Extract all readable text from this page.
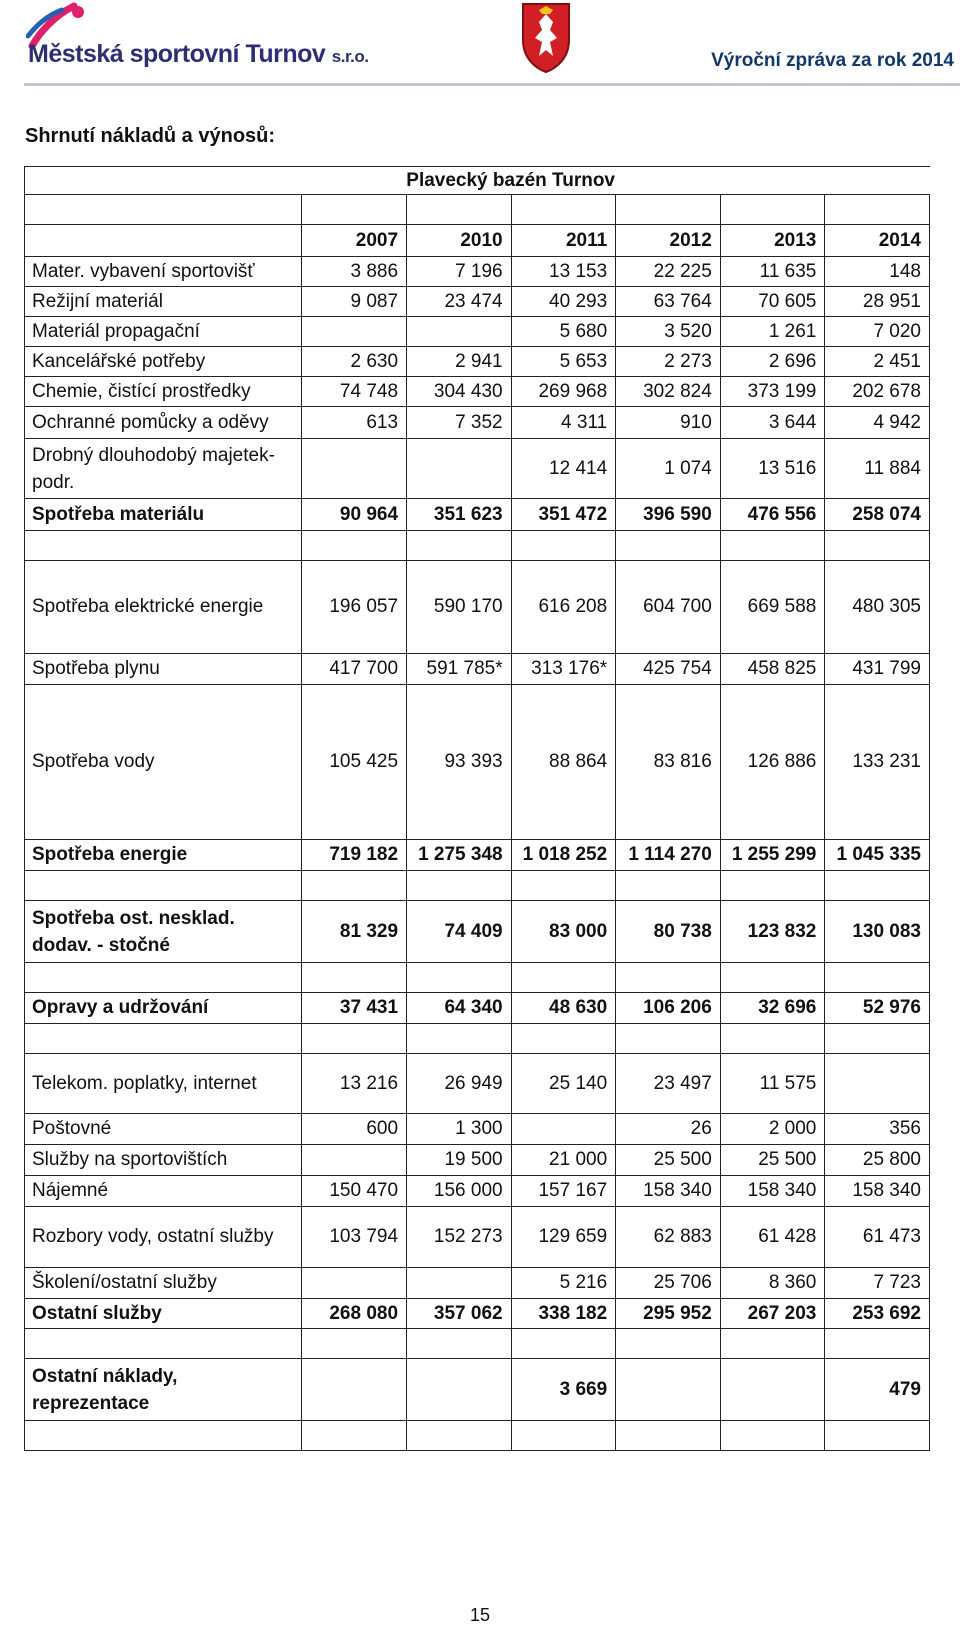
Městská sportovní Turnov s.r.o.	Výroční zpráva za rok 2014
Shrnutí nákladů a výnosů:
	Plavecký bazén Turnov					

	2007	2010	2011	2012	2013	2014
Mater. vybavení sportovišť	3 886	7 196	13 153	22 225	11 635	148
Režijní materiál	9 087	23 474	40 293	63 764	70 605	28 951
Materiál propagační			5 680	3 520	1 261	7 020
Kancelářské potřeby	2 630	2 941	5 653	2 273	2 696	2 451
Chemie, čistící prostředky	74 748	304 430	269 968	302 824	373 199	202 678
Ochranné pomůcky a oděvy	613	7 352	4 311	910	3 644	4 942
Drobný dlouhodobý majetek-podr.			12 414	1 074	13 516	11 884
Spotřeba materiálu	90 964	351 623	351 472	396 590	476 556	258 074

Spotřeba elektrické energie	196 057	590 170	616 208	604 700	669 588	480 305
Spotřeba plynu	417 700	591 785*	313 176*	425 754	458 825	431 799
Spotřeba vody	105 425	93 393	88 864	83 816	126 886	133 231
Spotřeba energie	719 182	1 275 348	1 018 252	1 114 270	1 255 299	1 045 335

Spotřeba ost. nesklad. dodav. - stočné	81 329	74 409	83 000	80 738	123 832	130 083

Opravy a udržování	37 431	64 340	48 630	106 206	32 696	52 976

Telekom. poplatky, internet	13 216	26 949	25 140	23 497	11 575	
Poštovné	600	1 300		26	2 000	356
Služby na sportovištích		19 500	21 000	25 500	25 500	25 800
Nájemné	150 470	156 000	157 167	158 340	158 340	158 340
Rozbory vody, ostatní služby	103 794	152 273	129 659	62 883	61 428	61 473
Školení/ostatní služby			5 216	25 706	8 360	7 723
Ostatní služby	268 080	357 062	338 182	295 952	267 203	253 692

Ostatní náklady, reprezentace			3 669			479

15
